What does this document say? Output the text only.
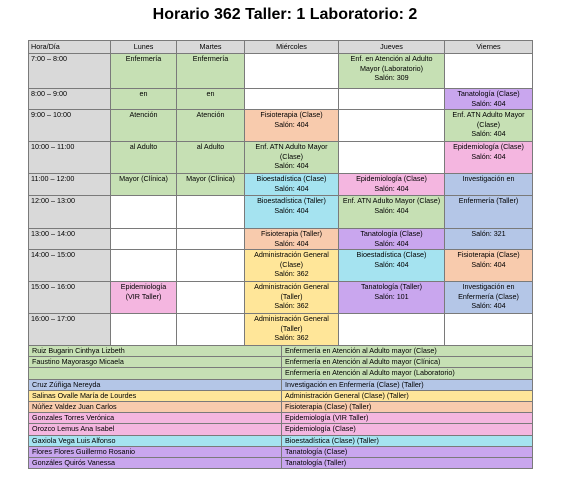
Horario 362 Taller: 1 Laboratorio: 2
Hora/Día	Lunes	Martes	Miércoles	Jueves	Viernes
7:00 – 8:00	Enfermería	Enfermería		Enf. en Atención al Adulto Mayor (Laboratorio)
Salón: 309	
8:00 – 9:00	en	en			Tanatología (Clase)
Salón: 404
9:00 – 10:00	Atención	Atención	Fisioterapia (Clase)
Salón: 404		Enf. ATN Adulto Mayor (Clase)
Salón: 404
10:00 – 11:00	al Adulto	al Adulto	Enf. ATN Adulto Mayor (Clase)
Salón: 404		Epidemiología (Clase)
Salón: 404
11:00 – 12:00	Mayor (Clínica)	Mayor (Clínica)	Bioestadística (Clase)
Salón: 404	Epidemiología (Clase)
Salón: 404	Investigación en
12:00 – 13:00			Bioestadística (Taller)
Salón: 404	Enf. ATN Adulto Mayor (Clase)
Salón: 404	Enfermería (Taller)
13:00 – 14:00			Fisioterapia (Taller)
Salón: 404	Tanatología (Clase)
Salón: 404	Salón: 321
14:00 – 15:00			Administración General (Clase)
Salón: 362	Bioestadística (Clase)
Salón: 404	Fisioterapia (Clase)
Salón: 404
15:00 – 16:00	Epidemiología
(VIR Taller)		Administración General (Taller)
Salón: 362	Tanatología (Taller)
Salón: 101	Investigación en Enfermería (Clase)
Salón: 404
16:00 – 17:00			Administración General (Taller)
Salón: 362		
Ruiz Bugarin Cinthya Lizbeth	Enfermería en Atención al Adulto mayor (Clase)
Faustino Mayorasgo Micaela	Enfermería en Atención al Adulto mayor (Clínica)
	Enfermería en Atención al Adulto mayor (Laboratorio)
Cruz Zúñiga Nereyda	Investigación en Enfermería (Clase) (Taller)
Salinas Ovalle María de Lourdes	Administración General (Clase) (Taller)
Núñez Valdez Juan Carlos	Fisioterapia (Clase) (Taller)
Gonzales Torres Verónica	Epidemiología (VIR Taller)
Orozco Lemus Ana Isabel	Epidemiología (Clase)
Gaxiola Vega Luis Alfonso	Bioestadística (Clase) (Taller)
Flores Flores Guillermo Rosanio	Tanatología (Clase)
Gonzáles Quirós Vanessa	Tanatología (Taller)
